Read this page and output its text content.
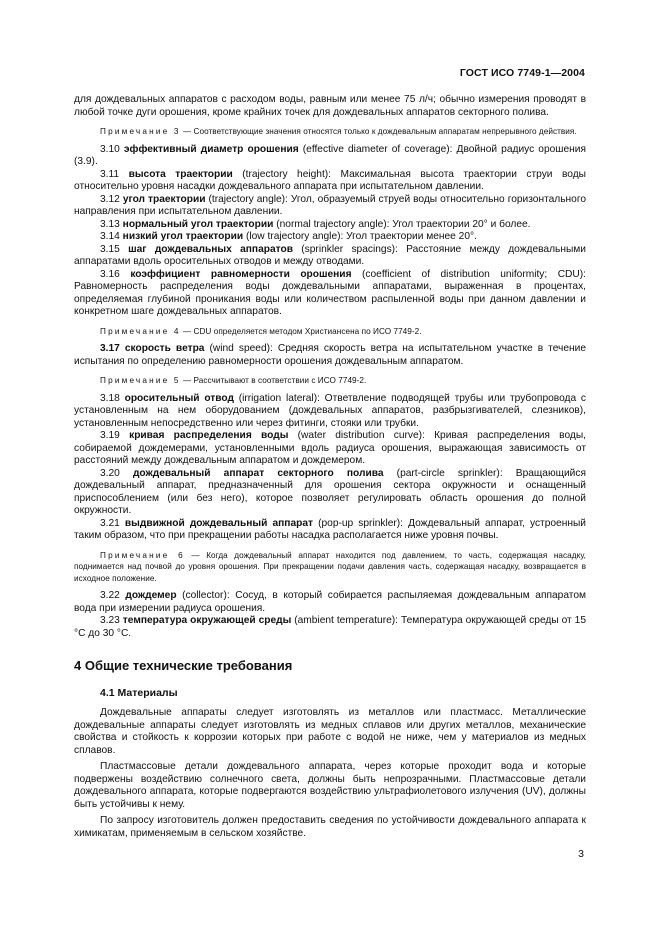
ГОСТ ИСО 7749-1—2004

для дождевальных аппаратов с расходом воды, равным или менее 75 л/ч; обычно измерения проводят в любой точке дуги орошения, кроме крайних точек для дождевальных аппаратов секторного полива.

Примечание 3 — Соответствующие значения относятся только к дождевальным аппаратам непрерывного действия.

3.10 эффективный диаметр орошения (effective diameter of coverage): Двойной радиус орошения (3.9).

3.11 высота траектории (trajectory height): Максимальная высота траектории струи воды относительно уровня насадки дождевального аппарата при испытательном давлении.

3.12 угол траектории (trajectory angle): Угол, образуемый струей воды относительно горизонтального направления при испытательном давлении.

3.13 нормальный угол траектории (normal trajectory angle): Угол траектории 20° и более.

3.14 низкий угол траектории (low trajectory angle): Угол траектории менее 20°.

3.15 шаг дождевальных аппаратов (sprinkler spacings): Расстояние между дождевальными аппаратами вдоль оросительных отводов и между отводами.

3.16 коэффициент равномерности орошения (coefficient of distribution uniformity; CDU): Равномерность распределения воды дождевальными аппаратами, выраженная в процентах, определяемая глубиной проникания воды или количеством распыленной воды при данном давлении и конкретном шаге дождевальных аппаратов.

Примечание 4 — CDU определяется методом Христиансена по ИСО 7749-2.

3.17 скорость ветра (wind speed): Средняя скорость ветра на испытательном участке в течение испытания по определению равномерности орошения дождевальным аппаратом.

Примечание 5 — Рассчитывают в соответствии с ИСО 7749-2.

3.18 оросительный отвод (irrigation lateral): Ответвление подводящей трубы или трубопровода с установленным на нем оборудованием (дождевальных аппаратов, разбрызгивателей, слезников), установленным непосредственно или через фитинги, стояки или трубки.

3.19 кривая распределения воды (water distribution curve): Кривая распределения воды, собираемой дождемерами, установленными вдоль радиуса орошения, выражающая зависимость от расстояний между дождевальным аппаратом и дождемером.

3.20 дождевальный аппарат секторного полива (part-circle sprinkler): Вращающийся дождевальный аппарат, предназначенный для орошения сектора окружности и оснащенный приспособлением (или без него), которое позволяет регулировать область орошения до полной окружности.

3.21 выдвижной дождевальный аппарат (pop-up sprinkler): Дождевальный аппарат, устроенный таким образом, что при прекращении работы насадка располагается ниже уровня почвы.

Примечание 6 — Когда дождевальный аппарат находится под давлением, то часть, содержащая насадку, поднимается над почвой до уровня орошения. При прекращении подачи давления часть, содержащая насадку, возвращается в исходное положение.

3.22 дождемер (collector): Сосуд, в который собирается распыляемая дождевальным аппаратом вода при измерении радиуса орошения.

3.23 температура окружающей среды (ambient temperature): Температура окружающей среды от 15 °С до 30 °С.

4 Общие технические требования

4.1 Материалы

Дождевальные аппараты следует изготовлять из металлов или пластмасс. Металлические дождевальные аппараты следует изготовлять из медных сплавов или других металлов, механические свойства и стойкость к коррозии которых при работе с водой не ниже, чем у материалов из медных сплавов.

Пластмассовые детали дождевального аппарата, через которые проходит вода и которые подвержены воздействию солнечного света, должны быть непрозрачными. Пластмассовые детали дождевального аппарата, которые подвергаются воздействию ультрафиолетового излучения (UV), должны быть устойчивы к нему.

По запросу изготовитель должен предоставить сведения по устойчивости дождевального аппарата к химикатам, применяемым в сельском хозяйстве.

3
